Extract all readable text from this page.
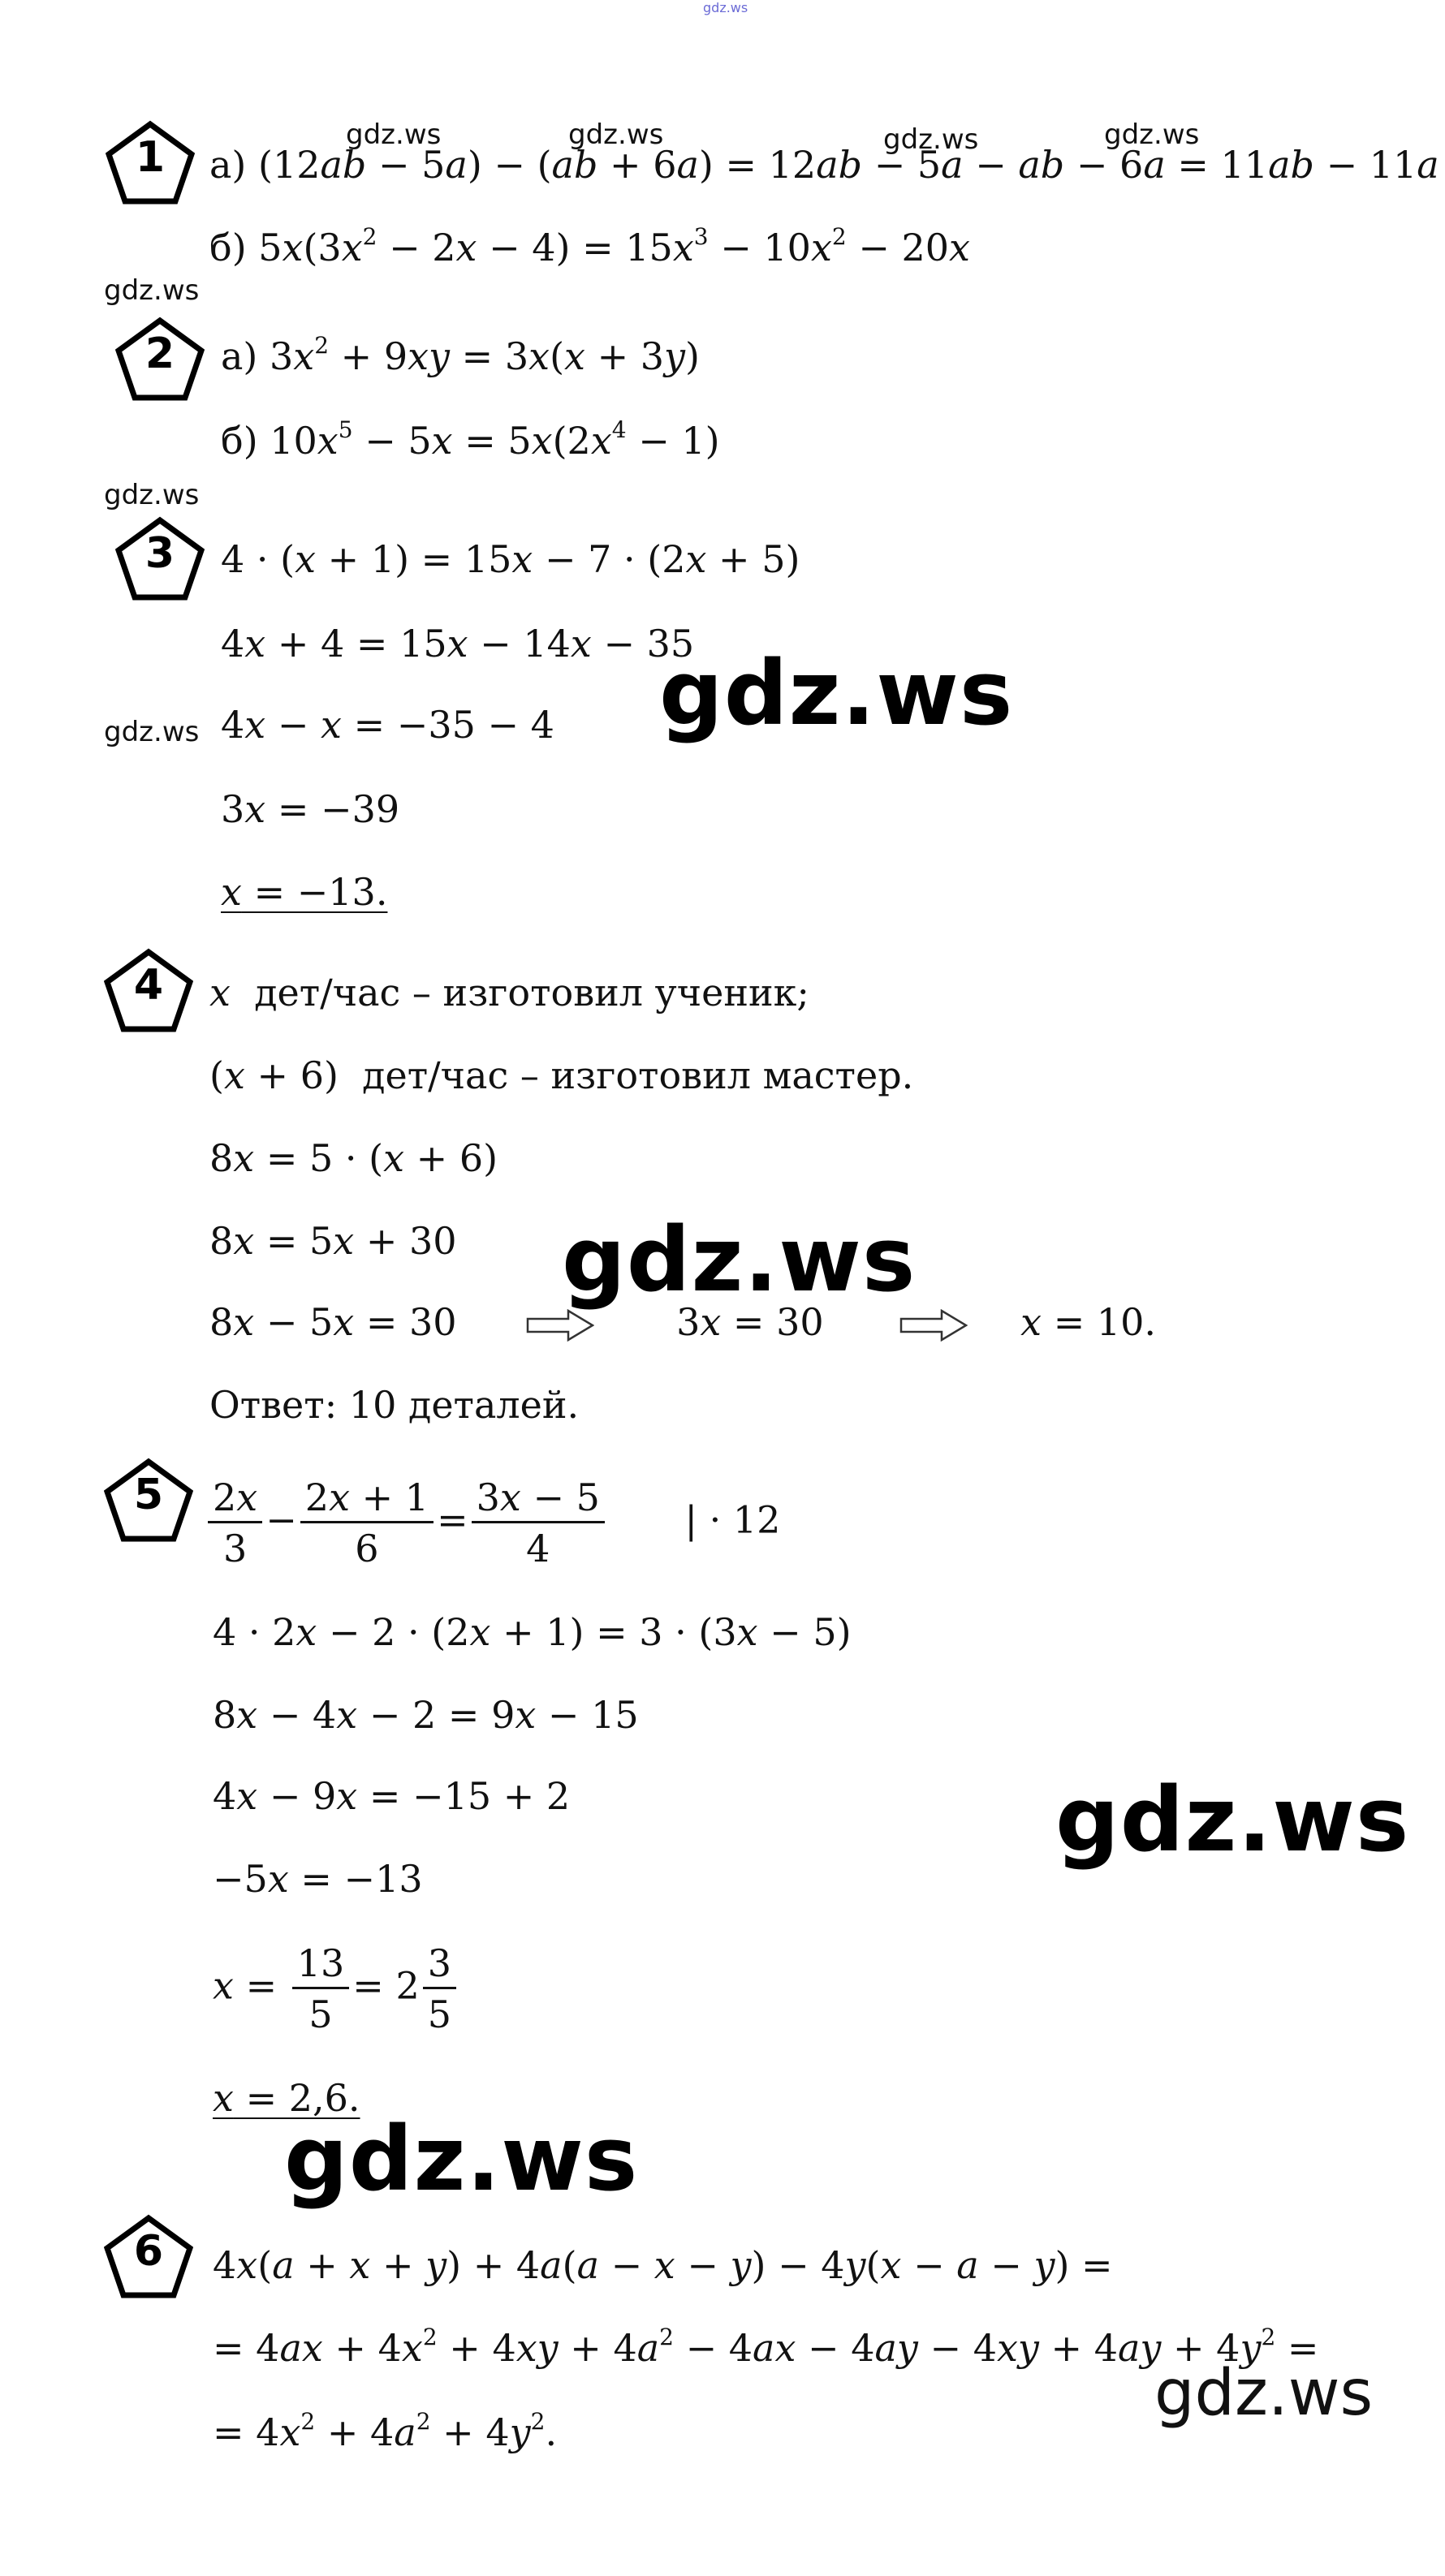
gdz.ws
1	а) (12ab − 5a) − (ab + 6a) = 12ab − 5a − ab − 6a = 11ab − 11a
б) $5x(3x^2 - 2x - 4) = 15x^3 - 10x^2 - 20x$
gdz.ws	gdz.ws	gdz.ws	gdz.ws
gdz.ws
2	а) $3x^2 + 9xy = 3x(x + 3y)$
б) $10x^5 - 5x = 5x(2x^4 - 1)$
gdz.ws
3	4 · (x + 1) = 15x − 7 · (2x + 5)
4x + 4 = 15x − 14x − 35
gdz.ws 4x − x = −35 − 4
3x = −39
x = −13.
gdz.ws
4	x дет/час – изготовил ученик;
(x + 6)  дет/час – изготовил мастер.
8x = 5 · (x + 6)
8x = 5x + 30
8x − 5x = 30	3x = 30	x = 10.
Ответ: 10 деталей.
gdz.ws
5	$\frac{2x}{3} - \frac{2x + 1}{6} = \frac{3x - 5}{4}$ | · 12
4 · 2x − 2 · (2x + 1) = 3 · (3x − 5)
8x − 4x − 2 = 9x − 15
4x − 9x = −15 + 2
−5x = −13
$x = \frac{13}{5} = 2 \frac{3}{5}$
x = 2,6.
gdz.ws
gdz.ws
6	4x(a + x + y) + 4a(a − x − y) − 4y(x − a − y) =
= $4ax + 4x^2 + 4xy + 4a^2 - 4ax - 4ay - 4xy + 4ay + 4y^2$ =
= $4x^2 + 4a^2 + 4y^2$.
gdz.ws
